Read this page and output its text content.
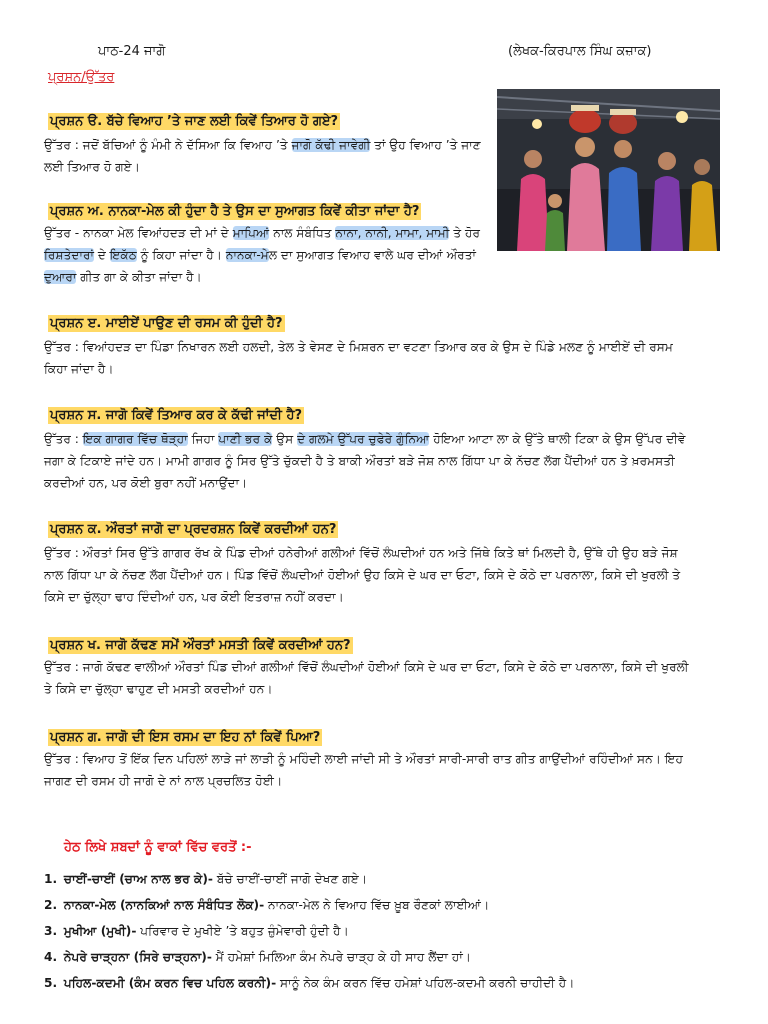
ਪਾਠ-24 ਜਾਗੋ	(ਲੇਖਕ-ਕਿਰਪਾਲ ਸਿੰਘ ਕਜ਼ਾਕ)
ਪ੍ਰਸ਼ਨ/ਉੱਤਰ
ਪ੍ਰਸ਼ਨ ੳ. ਬੱਚੇ ਵਿਆਹ ’ਤੇ ਜਾਣ ਲਈ ਕਿਵੇਂ ਤਿਆਰ ਹੋ ਗਏ?
ਉੱਤਰ : ਜਦੋਂ ਬੱਚਿਆਂ ਨੂੰ ਮੰਮੀ ਨੇ ਦੱਸਿਆ ਕਿ ਵਿਆਹ ’ਤੇ ਜਾਗੋ ਕੱਢੀ ਜਾਵੇਗੀ ਤਾਂ ਉਹ ਵਿਆਹ ’ਤੇ ਜਾਣ ਲਈ ਤਿਆਰ ਹੋ ਗਏ।
ਪ੍ਰਸ਼ਨ ਅ. ਨਾਨਕਾ-ਮੇਲ ਕੀ ਹੁੰਦਾ ਹੈ ਤੇ ਉਸ ਦਾ ਸੁਆਗਤ ਕਿਵੇਂ ਕੀਤਾ ਜਾਂਦਾ ਹੈ?
ਉੱਤਰ - ਨਾਨਕਾ ਮੇਲ ਵਿਆਂਹਦੜ ਦੀ ਮਾਂ ਦੇ ਮਾਪਿਆਂ ਨਾਲ ਸੰਬੰਧਿਤ ਨਾਨਾ, ਨਾਨੀ, ਮਾਮਾ, ਮਾਮੀ ਤੇ ਹੋਰ ਰਿਸ਼ਤੇਦਾਰਾਂ ਦੇ ਇਕੱਠ ਨੂੰ ਕਿਹਾ ਜਾਂਦਾ ਹੈ। ਨਾਨਕਾ-ਮੇਲ ਦਾ ਸੁਆਗਤ ਵਿਆਹ ਵਾਲੇ ਘਰ ਦੀਆਂ ਔਰਤਾਂ ਦੁਆਰਾ ਗੀਤ ਗਾ ਕੇ ਕੀਤਾ ਜਾਂਦਾ ਹੈ।
ਪ੍ਰਸ਼ਨ ੲ. ਮਾਈਏਂ ਪਾਉਣ ਦੀ ਰਸਮ ਕੀ ਹੁੰਦੀ ਹੈ?
ਉੱਤਰ : ਵਿਆਂਹਦੜ ਦਾ ਪਿੰਡਾ ਨਿਖਾਰਨ ਲਈ ਹਲਦੀ, ਤੇਲ ਤੇ ਵੇਸਣ ਦੇ ਮਿਸ਼ਰਨ ਦਾ ਵਟਣਾ ਤਿਆਰ ਕਰ ਕੇ ਉਸ ਦੇ ਪਿੰਡੇ ਮਲਣ ਨੂੰ ਮਾਈਏਂ ਦੀ ਰਸਮ ਕਿਹਾ ਜਾਂਦਾ ਹੈ।
ਪ੍ਰਸ਼ਨ ਸ. ਜਾਗੋ ਕਿਵੇਂ ਤਿਆਰ ਕਰ ਕੇ ਕੱਢੀ ਜਾਂਦੀ ਹੈ?
ਉੱਤਰ : ਇਕ ਗਾਗਰ ਵਿੱਚ ਥੋੜ੍ਹਾ ਜਿਹਾ ਪਾਣੀ ਭਰ ਕੇ ਉਸ ਦੇ ਗਲਮੇ ਉੱਪਰ ਚੁਫੇਰੇ ਗੁੰਨਿਆ ਹੋਇਆ ਆਟਾ ਲਾ ਕੇ ਉੱਤੇ ਥਾਲੀ ਟਿਕਾ ਕੇ ਉਸ ਉੱਪਰ ਦੀਵੇ ਜਗਾ ਕੇ ਟਿਕਾਏ ਜਾਂਦੇ ਹਨ। ਮਾਮੀ ਗਾਗਰ ਨੂੰ ਸਿਰ ਉੱਤੇ ਚੁੱਕਦੀ ਹੈ ਤੇ ਬਾਕੀ ਔਰਤਾਂ ਬੜੇ ਜੋਸ਼ ਨਾਲ ਗਿੱਧਾ ਪਾ ਕੇ ਨੱਚਣ ਲੱਗ ਪੈਂਦੀਆਂ ਹਨ ਤੇ ਖ਼ਰਮਸਤੀ ਕਰਦੀਆਂ ਹਨ, ਪਰ ਕੋਈ ਬੁਰਾ ਨਹੀਂ ਮਨਾਉਂਦਾ।
ਪ੍ਰਸ਼ਨ ਕ. ਔਰਤਾਂ ਜਾਗੋ ਦਾ ਪ੍ਰਦਰਸ਼ਨ ਕਿਵੇਂ ਕਰਦੀਆਂ ਹਨ?
ਉੱਤਰ : ਔਰਤਾਂ ਸਿਰ ਉੱਤੇ ਗਾਗਰ ਰੱਖ ਕੇ ਪਿੰਡ ਦੀਆਂ ਹਨੇਰੀਆਂ ਗਲੀਆਂ ਵਿੱਚੋਂ ਲੰਘਦੀਆਂ ਹਨ ਅਤੇ ਜਿੱਥੇ ਕਿਤੇ ਥਾਂ ਮਿਲਦੀ ਹੈ, ਉੱਥੇ ਹੀ ਉਹ ਬੜੇ ਜੋਸ਼ ਨਾਲ ਗਿੱਧਾ ਪਾ ਕੇ ਨੱਚਣ ਲੱਗ ਪੈਂਦੀਆਂ ਹਨ। ਪਿੰਡ ਵਿੱਚੋਂ ਲੰਘਦੀਆਂ ਹੋਈਆਂ ਉਹ ਕਿਸੇ ਦੇ ਘਰ ਦਾ ਓਟਾ, ਕਿਸੇ ਦੇ ਕੋਠੇ ਦਾ ਪਰਨਾਲਾ, ਕਿਸੇ ਦੀ ਖੁਰਲੀ ਤੇ ਕਿਸੇ ਦਾ ਚੁੱਲ੍ਹਾ ਢਾਹ ਦਿੰਦੀਆਂ ਹਨ, ਪਰ ਕੋਈ ਇਤਰਾਜ਼ ਨਹੀਂ ਕਰਦਾ।
ਪ੍ਰਸ਼ਨ ਖ. ਜਾਗੋ ਕੱਢਣ ਸਮੇਂ ਔਰਤਾਂ ਮਸਤੀ ਕਿਵੇਂ ਕਰਦੀਆਂ ਹਨ?
ਉੱਤਰ : ਜਾਗੋ ਕੱਢਣ ਵਾਲੀਆਂ ਔਰਤਾਂ ਪਿੰਡ ਦੀਆਂ ਗਲੀਆਂ ਵਿੱਚੋਂ ਲੰਘਦੀਆਂ ਹੋਈਆਂ ਕਿਸੇ ਦੇ ਘਰ ਦਾ ਓਟਾ, ਕਿਸੇ ਦੇ ਕੋਠੇ ਦਾ ਪਰਨਾਲਾ, ਕਿਸੇ ਦੀ ਖੁਰਲੀ ਤੇ ਕਿਸੇ ਦਾ ਚੁੱਲ੍ਹਾ ਢਾਹੁਣ ਦੀ ਮਸਤੀ ਕਰਦੀਆਂ ਹਨ।
ਪ੍ਰਸ਼ਨ ਗ. ਜਾਗੋ ਦੀ ਇਸ ਰਸਮ ਦਾ ਇਹ ਨਾਂ ਕਿਵੇਂ ਪਿਆ?
ਉੱਤਰ : ਵਿਆਹ ਤੋਂ ਇੱਕ ਦਿਨ ਪਹਿਲਾਂ ਲਾੜੇ ਜਾਂ ਲਾੜੀ ਨੂੰ ਮਹਿੰਦੀ ਲਾਈ ਜਾਂਦੀ ਸੀ ਤੇ ਔਰਤਾਂ ਸਾਰੀ-ਸਾਰੀ ਰਾਤ ਗੀਤ ਗਾਉਂਦੀਆਂ ਰਹਿੰਦੀਆਂ ਸਨ। ਇਹ ਜਾਗਣ ਦੀ ਰਸਮ ਹੀ ਜਾਗੋ ਦੇ ਨਾਂ ਨਾਲ ਪ੍ਰਚਲਿਤ ਹੋਈ।
ਹੇਠ ਲਿਖੇ ਸ਼ਬਦਾਂ ਨੂੰ ਵਾਕਾਂ ਵਿੱਚ ਵਰਤੋਂ :-
1. ਚਾਈਂ-ਚਾਈਂ (ਚਾਅ ਨਾਲ ਭਰ ਕੇ)- ਬੱਚੇ ਚਾਈਂ-ਚਾਈਂ ਜਾਗੋ ਦੇਖਣ ਗਏ।
2. ਨਾਨਕਾ-ਮੇਲ (ਨਾਨਕਿਆਂ ਨਾਲ ਸੰਬੰਧਿਤ ਲੋਕ)- ਨਾਨਕਾ-ਮੇਲ ਨੇ ਵਿਆਹ ਵਿੱਚ ਖ਼ੂਬ ਰੌਣਕਾਂ ਲਾਈਆਂ।
3. ਮੁਖੀਆ (ਮੁਖੀ)- ਪਰਿਵਾਰ ਦੇ ਮੁਖੀਏ ’ਤੇ ਬਹੁਤ ਜ਼ੁੰਮੇਵਾਰੀ ਹੁੰਦੀ ਹੈ।
4. ਨੇਪਰੇ ਚਾੜ੍ਹਨਾ (ਸਿਰੇ ਚਾੜ੍ਹਨਾ)- ਮੈਂ ਹਮੇਸ਼ਾਂ ਮਿਲਿਆ ਕੰਮ ਨੇਪਰੇ ਚਾੜ੍ਹ ਕੇ ਹੀ ਸਾਹ ਲੈਂਦਾ ਹਾਂ।
5. ਪਹਿਲ-ਕਦਮੀ (ਕੰਮ ਕਰਨ ਵਿਚ ਪਹਿਲ ਕਰਨੀ)- ਸਾਨੂੰ ਨੇਕ ਕੰਮ ਕਰਨ ਵਿੱਚ ਹਮੇਸ਼ਾਂ ਪਹਿਲ-ਕਦਮੀ ਕਰਨੀ ਚਾਹੀਦੀ ਹੈ।
